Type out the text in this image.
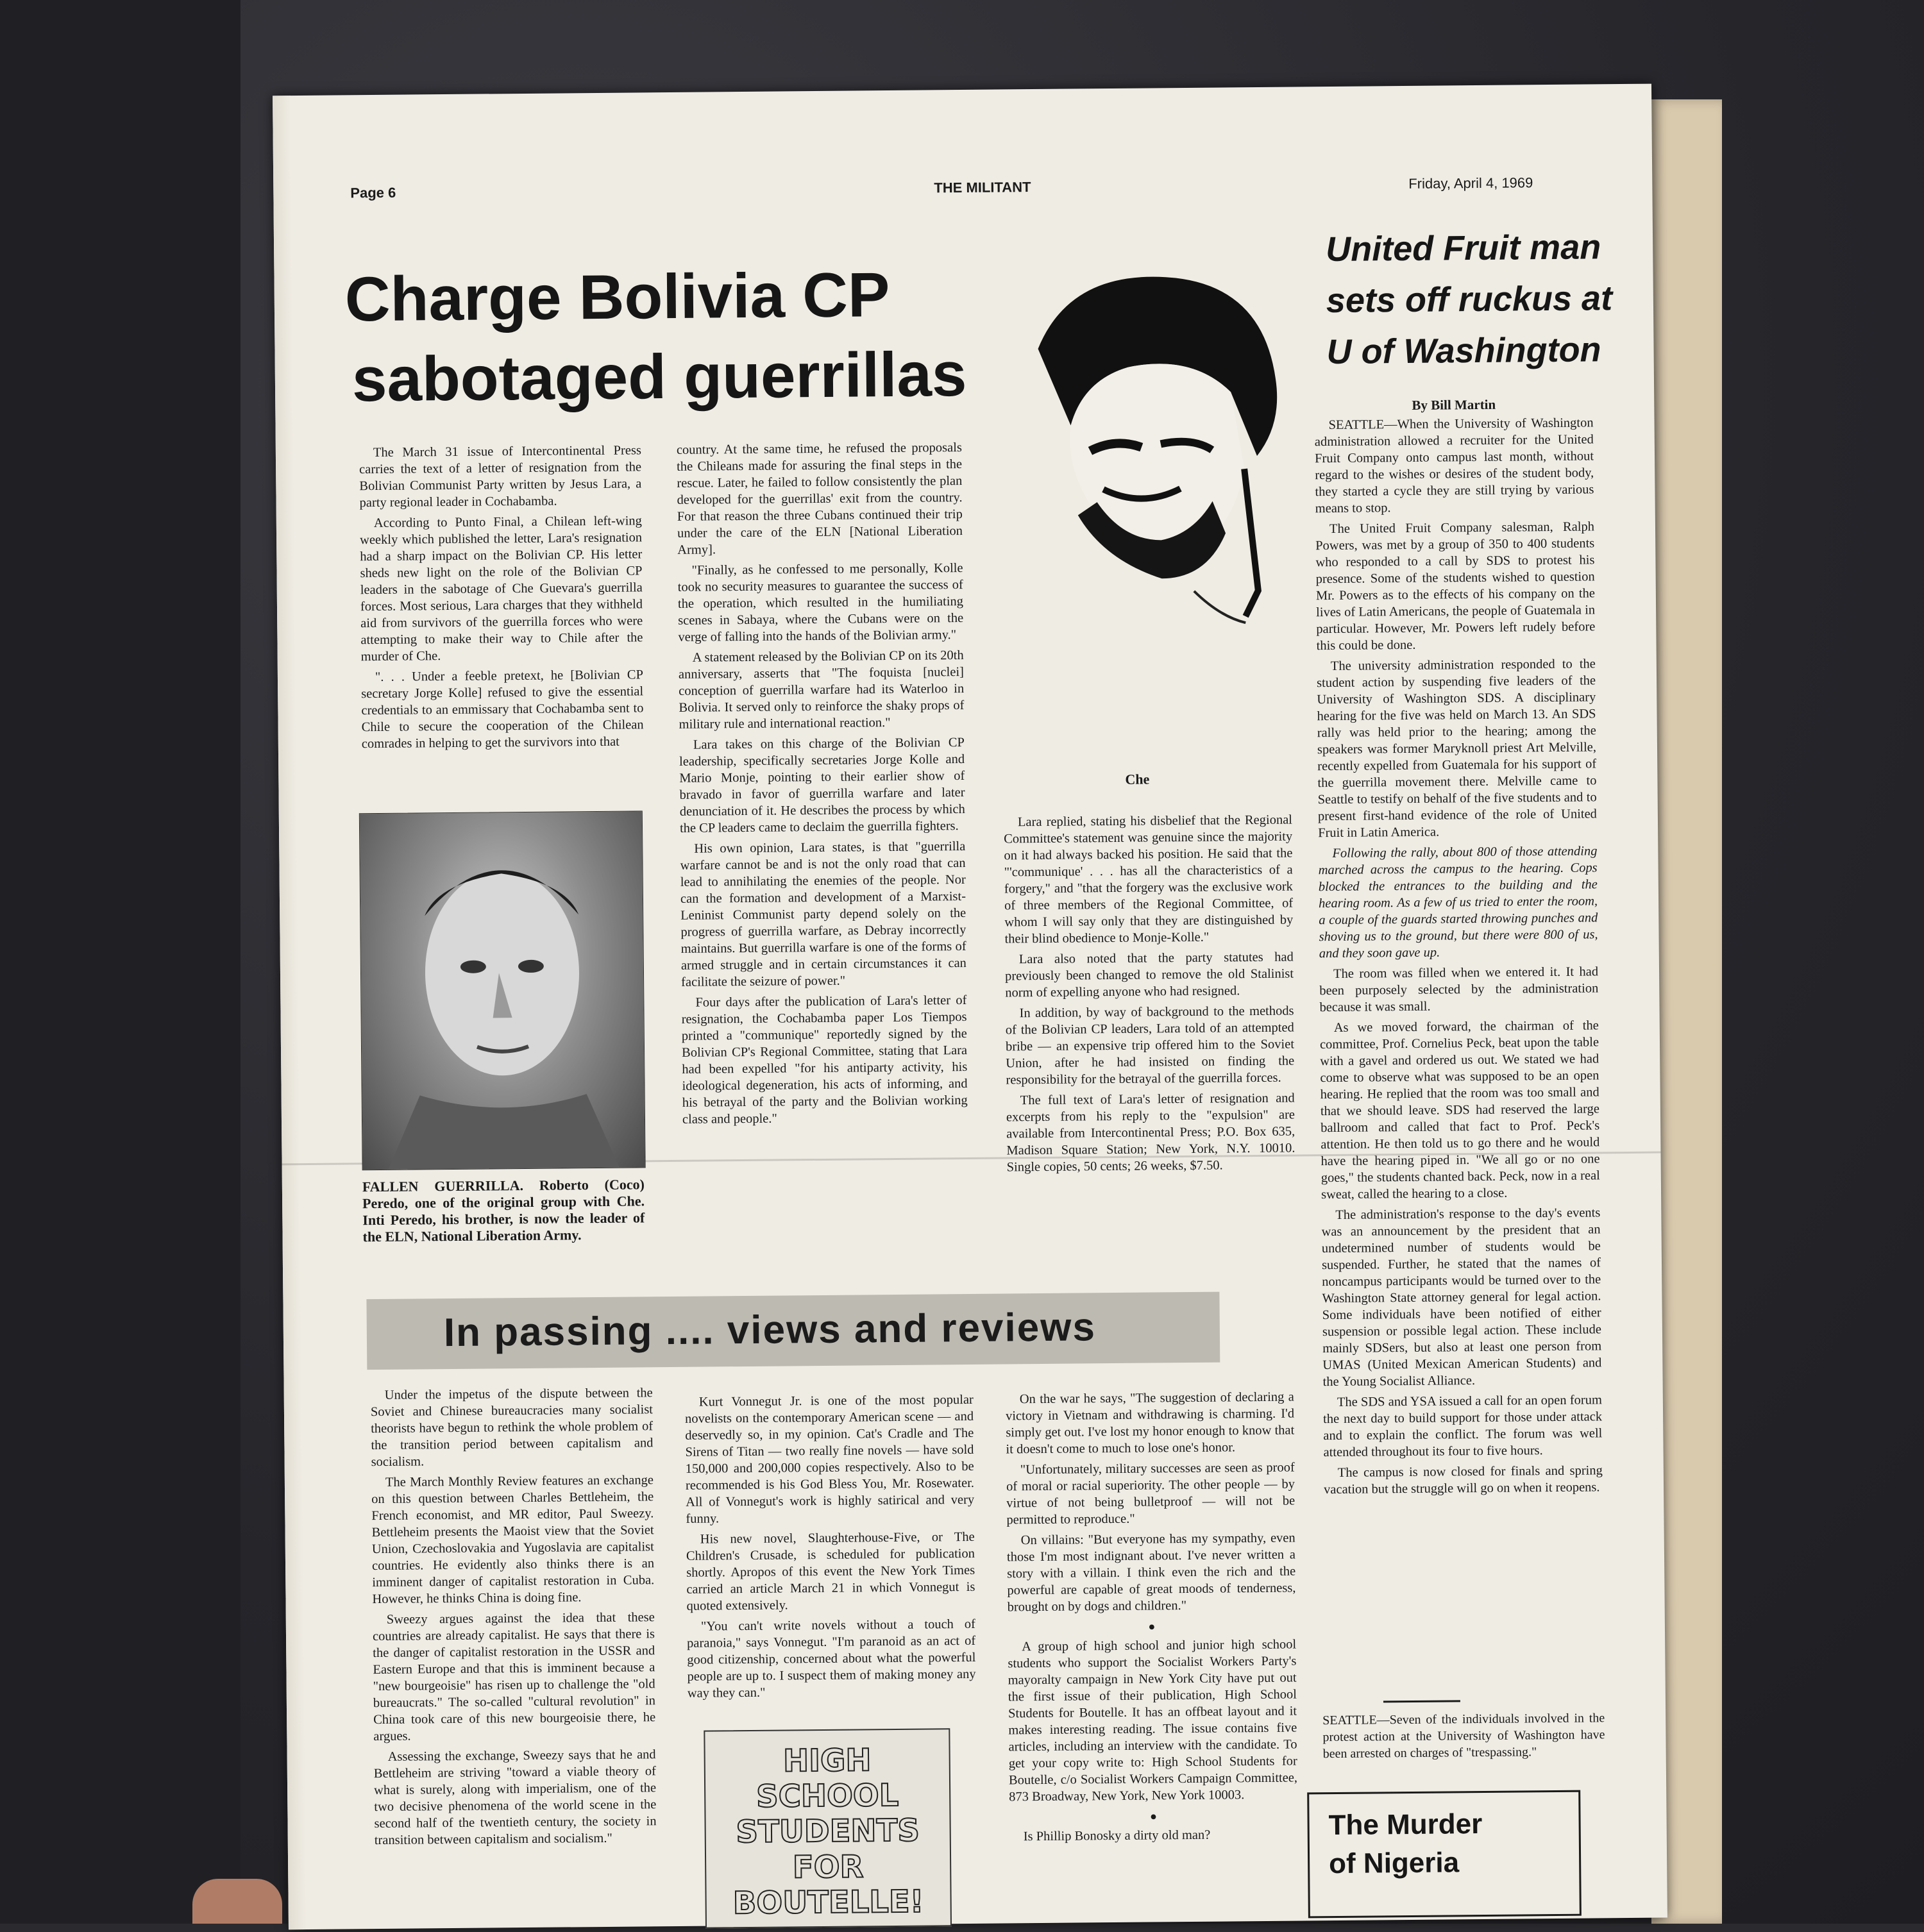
Page 6	THE MILITANT	Friday, April 4, 1969
Charge Bolivia CP
sabotaged guerrillas

The March 31 issue of Intercontinental Press carries the text of a letter of resignation from the Bolivian Communist Party written by Jesus Lara, a party regional leader in Cochabamba.

According to Punto Final, a Chilean left-wing weekly which published the letter, Lara's resignation had a sharp impact on the Bolivian CP. His letter sheds new light on the role of the Bolivian CP leaders in the sabotage of Che Guevara's guerrilla forces. Most serious, Lara charges that they withheld aid from survivors of the guerrilla forces who were attempting to make their way to Chile after the murder of Che.

". . . Under a feeble pretext, he [Bolivian CP secretary Jorge Kolle] refused to give the essential credentials to an emmissary that Cochabamba sent to Chile to secure the cooperation of the Chilean comrades in helping to get the survivors into that

FALLEN GUERRILLA. Roberto (Coco) Peredo, one of the original group with Che. Inti Peredo, his brother, is now the leader of the ELN, National Liberation Army.

country. At the same time, he refused the proposals the Chileans made for assuring the final steps in the rescue. Later, he failed to follow consistently the plan developed for the guerrillas' exit from the country. For that reason the three Cubans continued their trip under the care of the ELN [National Liberation Army].

"Finally, as he confessed to me personally, Kolle took no security measures to guarantee the success of the operation, which resulted in the humiliating scenes in Sabaya, where the Cubans were on the verge of falling into the hands of the Bolivian army."

A statement released by the Bolivian CP on its 20th anniversary, asserts that "The foquista [nuclei] conception of guerrilla warfare had its Waterloo in Bolivia. It served only to reinforce the shaky props of military rule and international reaction."

Lara takes on this charge of the Bolivian CP leadership, specifically secretaries Jorge Kolle and Mario Monje, pointing to their earlier show of bravado in favor of guerrilla warfare and later denunciation of it. He describes the process by which the CP leaders came to declaim the guerrilla fighters.

His own opinion, Lara states, is that "guerrilla warfare cannot be and is not the only road that can lead to annihilating the enemies of the people. Nor can the formation and development of a Marxist-Leninist Communist party depend solely on the progress of guerrilla warfare, as Debray incorrectly maintains. But guerrilla warfare is one of the forms of armed struggle and in certain circumstances it can facilitate the seizure of power."

Four days after the publication of Lara's letter of resignation, the Cochabamba paper Los Tiempos printed a "communique" reportedly signed by the Bolivian CP's Regional Committee, stating that Lara had been expelled "for his antiparty activity, his ideological degeneration, his acts of informing, and his betrayal of the party and the Bolivian working class and people."

Che

Lara replied, stating his disbelief that the Regional Committee's statement was genuine since the majority on it had always backed his position. He said that the "'communique' . . . has all the characteristics of a forgery," and "that the forgery was the exclusive work of three members of the Regional Committee, of whom I will say only that they are distinguished by their blind obedience to Monje-Kolle."

Lara also noted that the party statutes had previously been changed to remove the old Stalinist norm of expelling anyone who had resigned.

In addition, by way of background to the methods of the Bolivian CP leaders, Lara told of an attempted bribe — an expensive trip offered him to the Soviet Union, after he had insisted on finding the responsibility for the betrayal of the guerrilla forces.

The full text of Lara's letter of resignation and excerpts from his reply to the "expulsion" are available from Intercontinental Press; P.O. Box 635, Madison Square Station; New York, N.Y. 10010. Single copies, 50 cents; 26 weeks, $7.50.

United Fruit man
sets off ruckus at
U of Washington
By Bill Martin

SEATTLE—When the University of Washington administration allowed a recruiter for the United Fruit Company onto campus last month, without regard to the wishes or desires of the student body, they started a cycle they are still trying by various means to stop.

The United Fruit Company salesman, Ralph Powers, was met by a group of 350 to 400 students who responded to a call by SDS to protest his presence. Some of the students wished to question Mr. Powers as to the effects of his company on the lives of Latin Americans, the people of Guatemala in particular. However, Mr. Powers left rudely before this could be done.

The university administration responded to the student action by suspending five leaders of the University of Washington SDS. A disciplinary hearing for the five was held on March 13. An SDS rally was held prior to the hearing; among the speakers was former Maryknoll priest Art Melville, recently expelled from Guatemala for his support of the guerrilla movement there. Melville came to Seattle to testify on behalf of the five students and to present first-hand evidence of the role of United Fruit in Latin America.

Following the rally, about 800 of those attending marched across the campus to the hearing. Cops blocked the entrances to the building and the hearing room. As a few of us tried to enter the room, a couple of the guards started throwing punches and shoving us to the ground, but there were 800 of us, and they soon gave up.

The room was filled when we entered it. It had been purposely selected by the administration because it was small.

As we moved forward, the chairman of the committee, Prof. Cornelius Peck, beat upon the table with a gavel and ordered us out. We stated we had come to observe what was supposed to be an open hearing. He replied that the room was too small and that we should leave. SDS had reserved the large ballroom and called that fact to Prof. Peck's attention. He then told us to go there and he would have the hearing piped in. "We all go or no one goes," the students chanted back. Peck, now in a real sweat, called the hearing to a close.

The administration's response to the day's events was an announcement by the president that an undetermined number of students would be suspended. Further, he stated that the names of noncampus participants would be turned over to the Washington State attorney general for legal action. Some individuals have been notified of either suspension or possible legal action. These include mainly SDSers, but also at least one person from UMAS (United Mexican American Students) and the Young Socialist Alliance.

The SDS and YSA issued a call for an open forum the next day to build support for those under attack and to explain the conflict. The forum was well attended throughout its four to five hours.

The campus is now closed for finals and spring vacation but the struggle will go on when it reopens.

SEATTLE—Seven of the individuals involved in the protest action at the University of Washington have been arrested on charges of "trespassing."

The Murder
of Nigeria
In passing .... views and reviews

Under the impetus of the dispute between the Soviet and Chinese bureaucracies many socialist theorists have begun to rethink the whole problem of the transition period between capitalism and socialism.

The March Monthly Review features an exchange on this question between Charles Bettleheim, the French economist, and MR editor, Paul Sweezy. Bettleheim presents the Maoist view that the Soviet Union, Czechoslovakia and Yugoslavia are capitalist countries. He evidently also thinks there is an imminent danger of capitalist restoration in Cuba. However, he thinks China is doing fine.

Sweezy argues against the idea that these countries are already capitalist. He says that there is the danger of capitalist restoration in the USSR and Eastern Europe and that this is imminent because a "new bourgeoisie" has risen up to challenge the "old bureaucrats." The so-called "cultural revolution" in China took care of this new bourgeoisie there, he argues.

Assessing the exchange, Sweezy says that he and Bettleheim are striving "toward a viable theory of what is surely, along with imperialism, one of the two decisive phenomena of the world scene in the second half of the twentieth century, the society in transition between capitalism and socialism."

Kurt Vonnegut Jr. is one of the most popular novelists on the contemporary American scene — and deservedly so, in my opinion. Cat's Cradle and The Sirens of Titan — two really fine novels — have sold 150,000 and 200,000 copies respectively. Also to be recommended is his God Bless You, Mr. Rosewater. All of Vonnegut's work is highly satirical and very funny.

His new novel, Slaughterhouse-Five, or The Children's Crusade, is scheduled for publication shortly. Apropos of this event the New York Times carried an article March 21 in which Vonnegut is quoted extensively.

"You can't write novels without a touch of paranoia," says Vonnegut. "I'm paranoid as an act of good citizenship, concerned about what the powerful people are up to. I suspect them of making money any way they can."

HIGH SCHOOL STUDENTS FOR BOUTELLE!

On the war he says, "The suggestion of declaring a victory in Vietnam and withdrawing is charming. I'd simply get out. I've lost my honor enough to know that it doesn't come to much to lose one's honor.

"Unfortunately, military successes are seen as proof of moral or racial superiority. The other people — by virtue of not being bulletproof — will not be permitted to reproduce."

On villains: "But everyone has my sympathy, even those I'm most indignant about. I've never written a story with a villain. I think even the rich and the powerful are capable of great moods of tenderness, brought on by dogs and children."

●

A group of high school and junior high school students who support the Socialist Workers Party's mayoralty campaign in New York City have put out the first issue of their publication, High School Students for Boutelle. It has an offbeat layout and it makes interesting reading. The issue contains five articles, including an interview with the candidate. To get your copy write to: High School Students for Boutelle, c/o Socialist Workers Campaign Committee, 873 Broadway, New York, New York 10003.

●

Is Phillip Bonosky a dirty old man?
